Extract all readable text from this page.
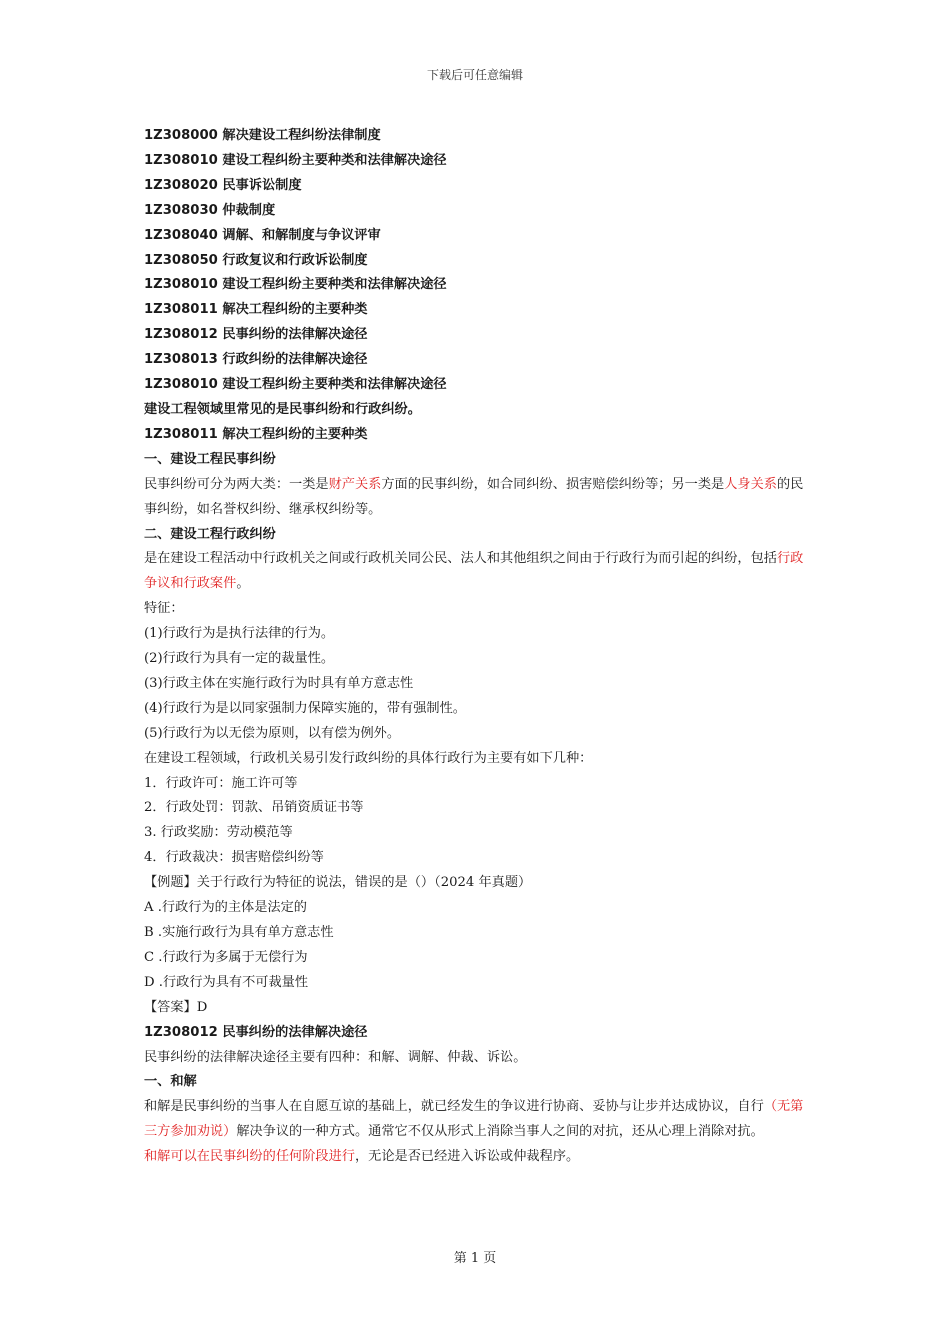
下载后可任意编辑
1Z308000 解决建设工程纠纷法律制度
1Z308010 建设工程纠纷主要种类和法律解决途径
1Z308020 民事诉讼制度
1Z308030 仲裁制度
1Z308040 调解、和解制度与争议评审
1Z308050 行政复议和行政诉讼制度
1Z308010 建设工程纠纷主要种类和法律解决途径
1Z308011 解决工程纠纷的主要种类
1Z308012 民事纠纷的法律解决途径
1Z308013 行政纠纷的法律解决途径
1Z308010 建设工程纠纷主要种类和法律解决途径
建设工程领域里常见的是民事纠纷和行政纠纷。
1Z308011 解决工程纠纷的主要种类
一、建设工程民事纠纷
民事纠纷可分为两大类：一类是财产关系方面的民事纠纷，如合同纠纷、损害赔偿纠纷等；另一类是人身关系的民事纠纷，如名誉权纠纷、继承权纠纷等。
二、建设工程行政纠纷
是在建设工程活动中行政机关之间或行政机关同公民、法人和其他组织之间由于行政行为而引起的纠纷，包括行政争议和行政案件。
特征：
(1)行政行为是执行法律的行为。
(2)行政行为具有一定的裁量性。
(3)行政主体在实施行政行为时具有单方意志性
(4)行政行为是以同家强制力保障实施的，带有强制性。
(5)行政行为以无偿为原则，以有偿为例外。
在建设工程领域，行政机关易引发行政纠纷的具体行政行为主要有如下几种：
1．行政许可：施工许可等
2．行政处罚：罚款、吊销资质证书等
3. 行政奖励：劳动模范等
4．行政裁决：损害赔偿纠纷等
【例题】关于行政行为特征的说法，错误的是（）（2024 年真题）
A .行政行为的主体是法定的
B .实施行政行为具有单方意志性
C .行政行为多属于无偿行为
D .行政行为具有不可裁量性
【答案】D
1Z308012 民事纠纷的法律解决途径
民事纠纷的法律解决途径主要有四种：和解、调解、仲裁、诉讼。
一、和解
和解是民事纠纷的当事人在自愿互谅的基础上，就已经发生的争议进行协商、妥协与让步并达成协议，自行（无第三方参加劝说）解决争议的一种方式。通常它不仅从形式上消除当事人之间的对抗，还从心理上消除对抗。
和解可以在民事纠纷的任何阶段进行，无论是否已经进入诉讼或仲裁程序。
第 1 页
